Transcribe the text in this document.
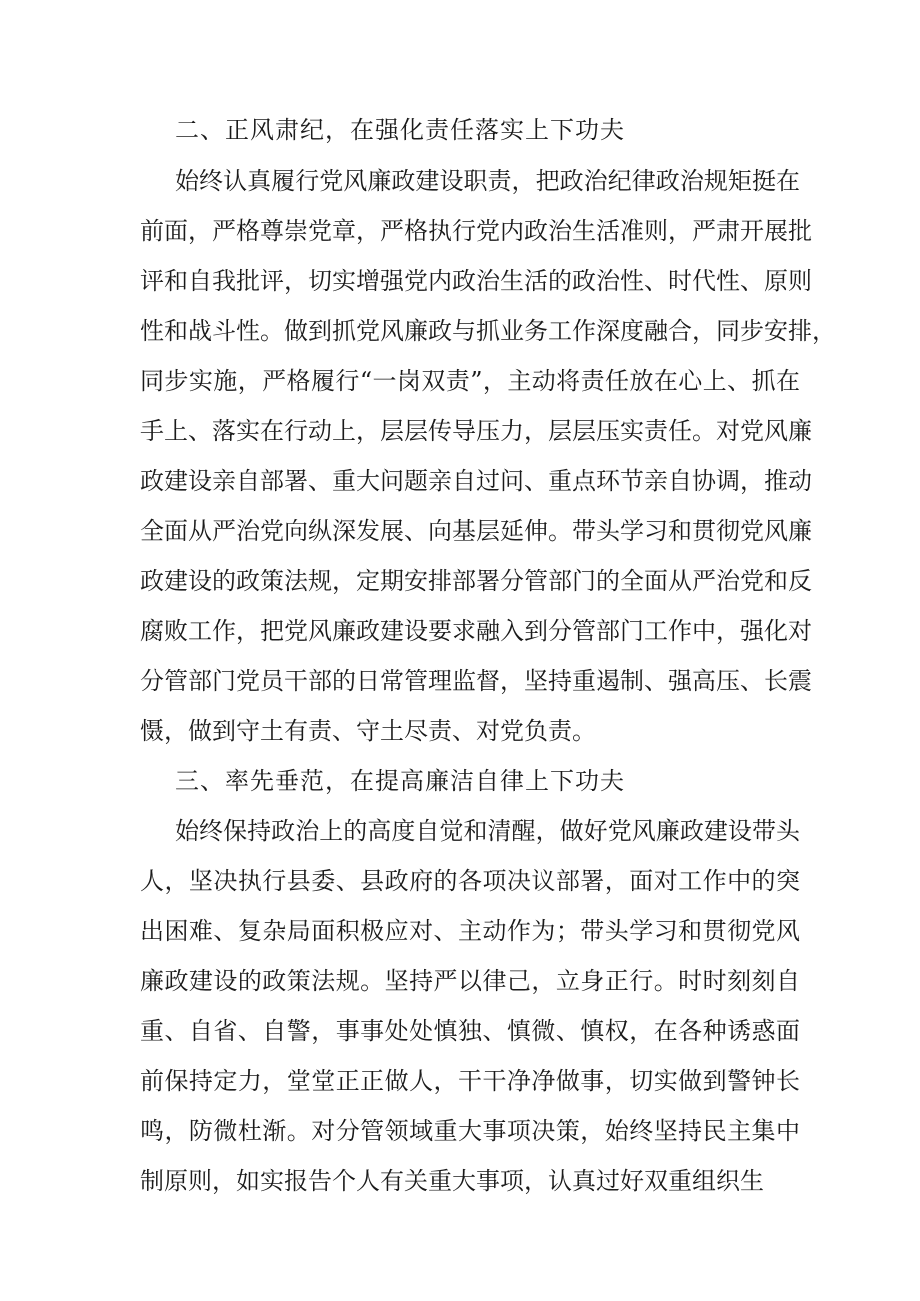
二、正风肃纪，在强化责任落实上下功夫
始终认真履行党风廉政建设职责，把政治纪律政治规矩挺在
前面，严格尊崇党章，严格执行党内政治生活准则，严肃开展批
评和自我批评，切实增强党内政治生活的政治性、时代性、原则
性和战斗性。做到抓党风廉政与抓业务工作深度融合，同步安排，
同步实施，严格履行“一岗双责”，主动将责任放在心上、抓在
手上、落实在行动上，层层传导压力，层层压实责任。对党风廉
政建设亲自部署、重大问题亲自过问、重点环节亲自协调，推动
全面从严治党向纵深发展、向基层延伸。带头学习和贯彻党风廉
政建设的政策法规，定期安排部署分管部门的全面从严治党和反
腐败工作，把党风廉政建设要求融入到分管部门工作中，强化对
分管部门党员干部的日常管理监督，坚持重遏制、强高压、长震
慑，做到守土有责、守土尽责、对党负责。
三、率先垂范，在提高廉洁自律上下功夫
始终保持政治上的高度自觉和清醒，做好党风廉政建设带头
人，坚决执行县委、县政府的各项决议部署，面对工作中的突
出困难、复杂局面积极应对、主动作为；带头学习和贯彻党风
廉政建设的政策法规。坚持严以律己，立身正行。时时刻刻自
重、自省、自警，事事处处慎独、慎微、慎权，在各种诱惑面
前保持定力，堂堂正正做人，干干净净做事，切实做到警钟长
鸣，防微杜渐。对分管领域重大事项决策，始终坚持民主集中
制原则，如实报告个人有关重大事项，认真过好双重组织生
